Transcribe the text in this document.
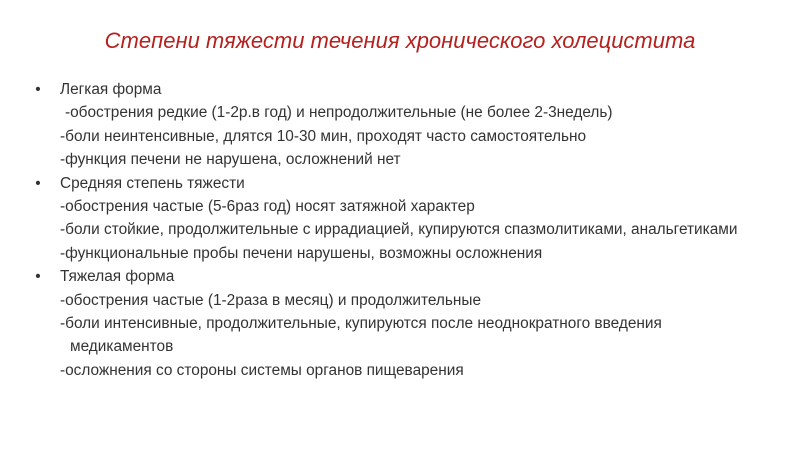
Степени тяжести течения хронического холецистита
•	Легкая форма
-обострения редкие (1-2р.в год) и непродолжительные (не более 2-3недель)
-боли неинтенсивные, длятся 10-30 мин, проходят часто самостоятельно
-функция печени не нарушена, осложнений нет
•	Средняя степень тяжести
-обострения частые (5-6раз год) носят затяжной характер
-боли стойкие, продолжительные с иррадиацией, купируются спазмолитиками, анальгетиками
-функциональные пробы печени нарушены, возможны осложнения
•	Тяжелая форма
-обострения частые (1-2раза в месяц) и продолжительные
-боли интенсивные, продолжительные, купируются после неоднократного введения медикаментов
-осложнения со стороны системы органов пищеварения
